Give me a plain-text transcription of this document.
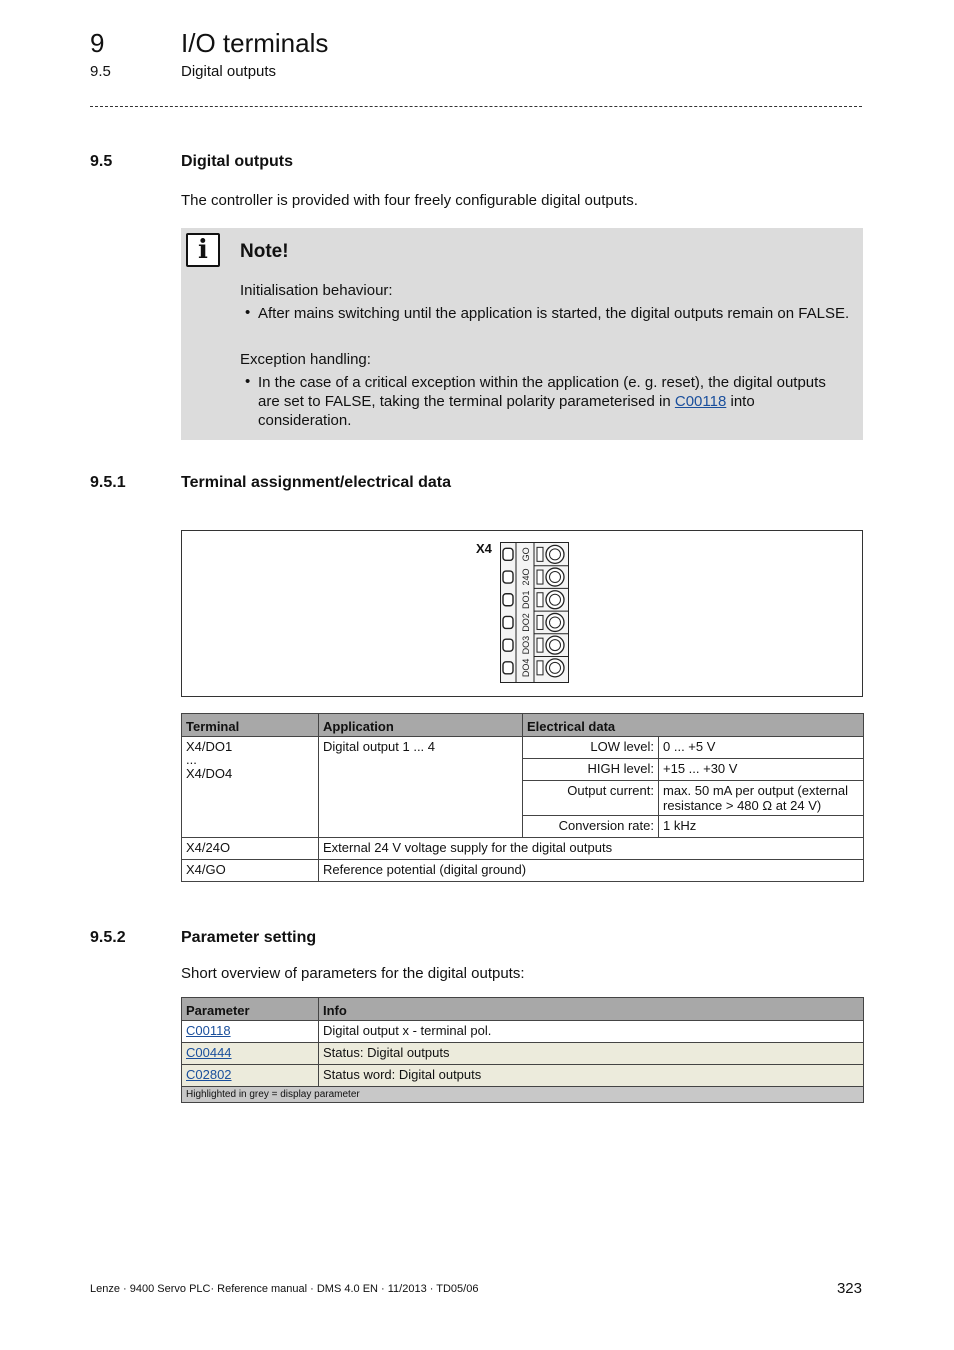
9	I/O terminals
9.5	Digital outputs
9.5	Digital outputs
The controller is provided with four freely configurable digital outputs.
i	Note!
Initialisation behaviour:
• After mains switching until the application is started, the digital outputs remain on FALSE.
Exception handling:
• In the case of a critical exception within the application (e. g. reset), the digital outputs are set to FALSE, taking the terminal polarity parameterised in C00118 into consideration.
9.5.1	Terminal assignment/electrical data
X4	GO
24O
DO1
DO2
DO3
DO4
Terminal	Application	Electrical data	

X4/DO1
...
X4/DO4	Digital output 1 ... 4	LOW level:	0 ... +5 V
		HIGH level:	+15 ... +30 V
		Output current:	max. 50 mA per output (external resistance > 480 Ω at 24 V)
		Conversion rate:	1 kHz
X4/24O	External 24 V voltage supply for the digital outputs		
X4/GO	Reference potential (digital ground)		
9.5.2	Parameter setting
Short overview of parameters for the digital outputs:
Parameter	Info
C00118	Digital output x - terminal pol.
C00444	Status: Digital outputs
C02802	Status word: Digital outputs
Highlighted in grey = display parameter	
Lenze · 9400 Servo PLC· Reference manual · DMS 4.0 EN · 11/2013 · TD05/06	323
